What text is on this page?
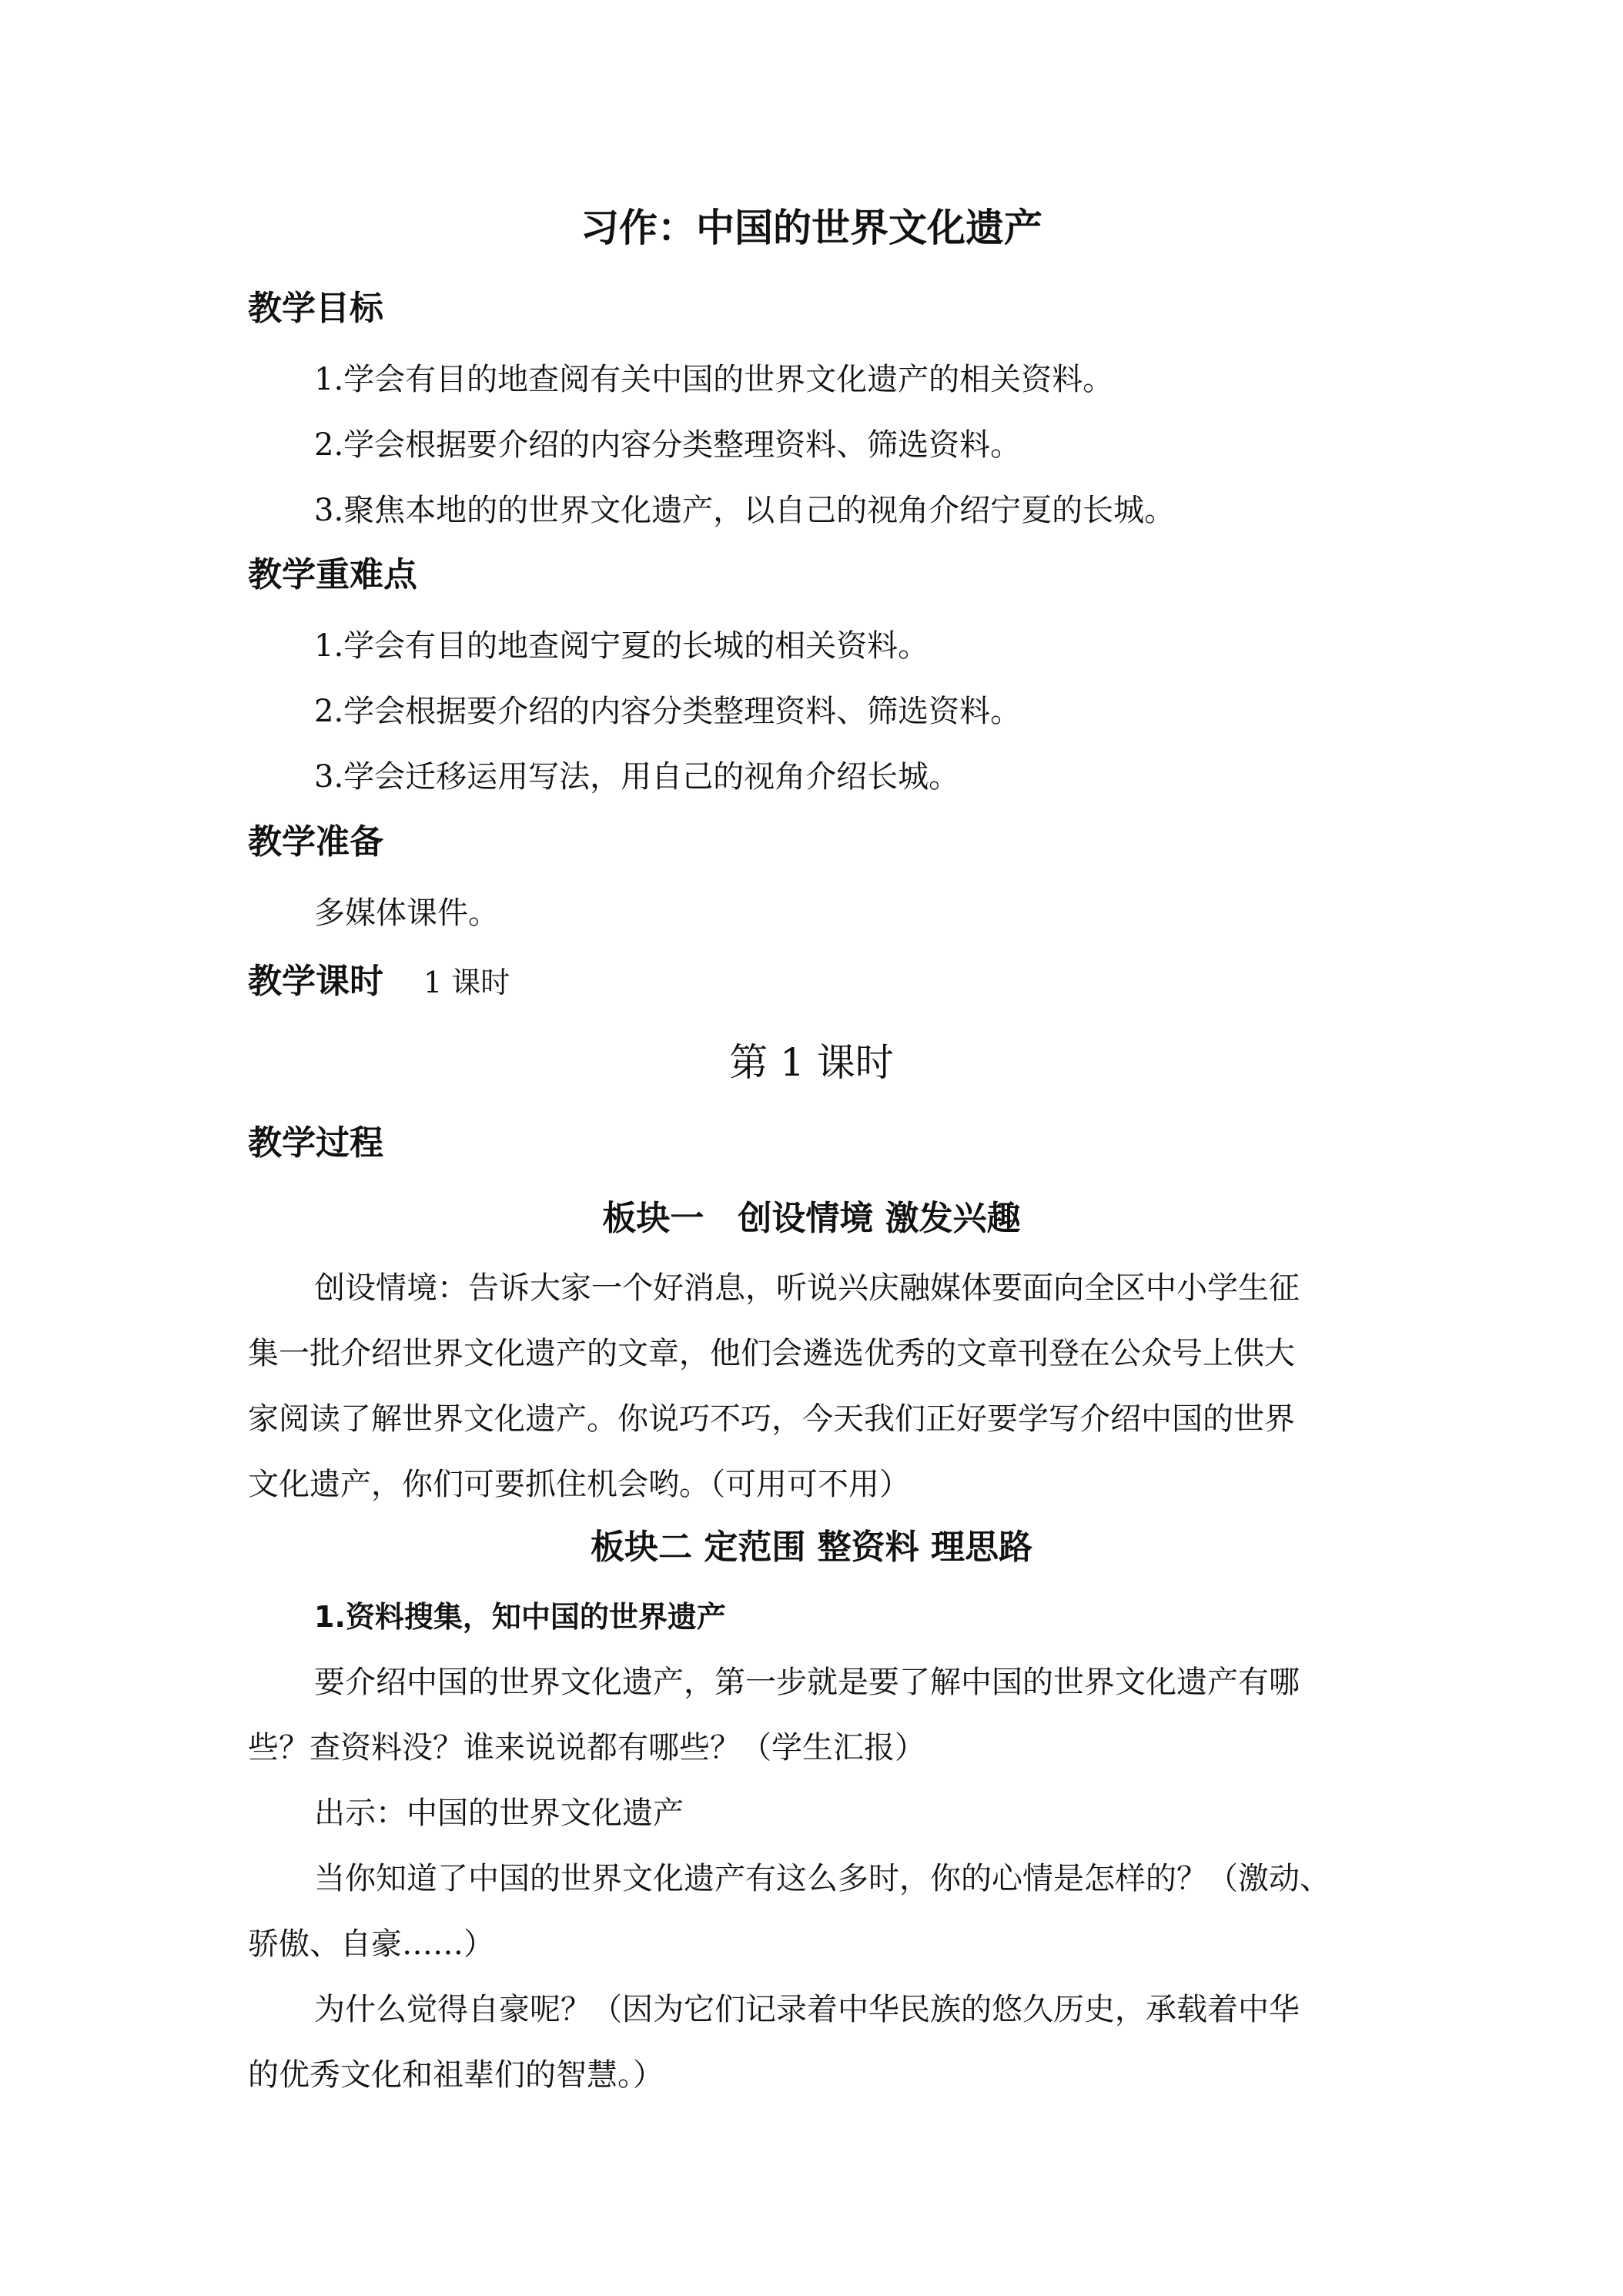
习作：中国的世界文化遗产
教学目标
1.学会有目的地查阅有关中国的世界文化遗产的相关资料。
2.学会根据要介绍的内容分类整理资料、筛选资料。
3.聚焦本地的的世界文化遗产，以自己的视角介绍宁夏的长城。
教学重难点
1.学会有目的地查阅宁夏的长城的相关资料。
2.学会根据要介绍的内容分类整理资料、筛选资料。
3.学会迁移运用写法，用自己的视角介绍长城。
教学准备
多媒体课件。
教学课时 1 课时
第 1 课时
教学过程
板块一　创设情境 激发兴趣
创设情境：告诉大家一个好消息，听说兴庆融媒体要面向全区中小学生征
集一批介绍世界文化遗产的文章，他们会遴选优秀的文章刊登在公众号上供大
家阅读了解世界文化遗产。你说巧不巧，今天我们正好要学写介绍中国的世界
文化遗产，你们可要抓住机会哟。（可用可不用）
板块二 定范围 整资料 理思路
1.资料搜集，知中国的世界遗产
要介绍中国的世界文化遗产，第一步就是要了解中国的世界文化遗产有哪
些？查资料没？谁来说说都有哪些？（学生汇报）
出示：中国的世界文化遗产
当你知道了中国的世界文化遗产有这么多时，你的心情是怎样的？（激动、
骄傲、自豪……）
为什么觉得自豪呢？（因为它们记录着中华民族的悠久历史，承载着中华
的优秀文化和祖辈们的智慧。）
